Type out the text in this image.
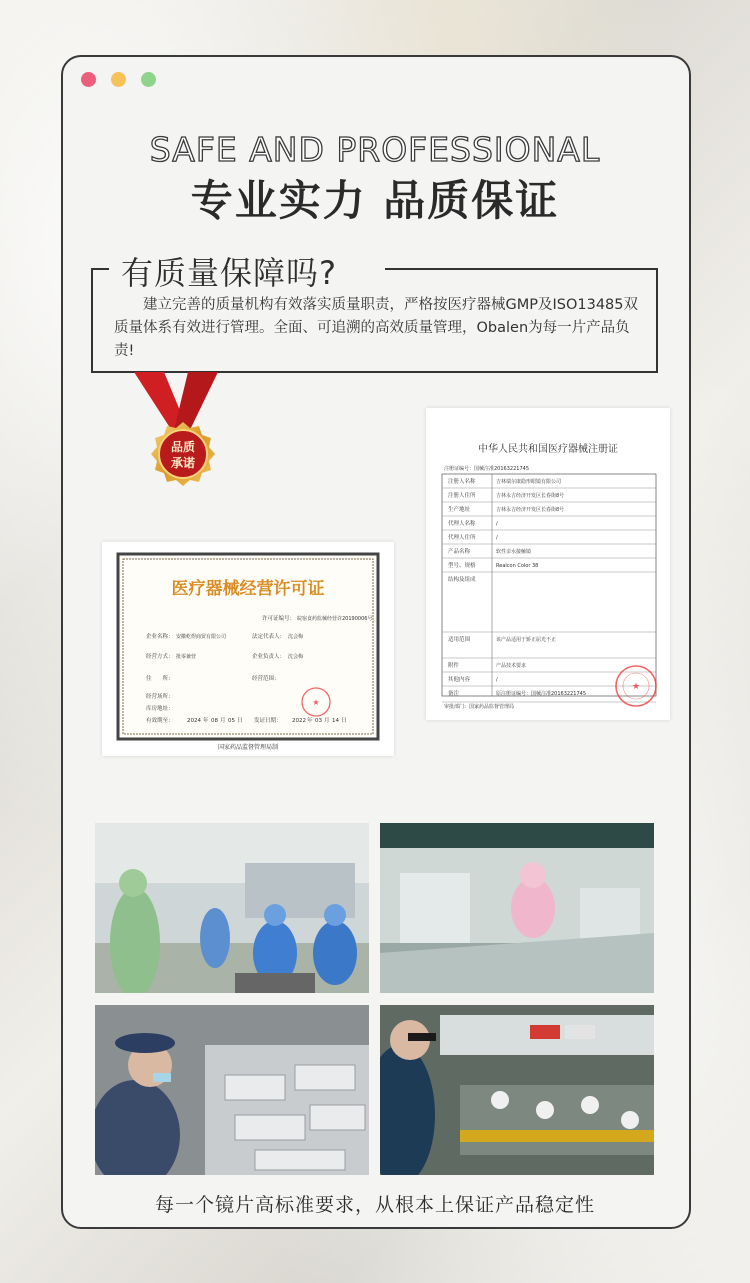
SAFE AND PROFESSIONAL
专业实力 品质保证
有质量保障吗?
建立完善的质量机构有效落实质量职责，严格按医疗器械GMP及ISO13485双质量体系有效进行管理。全面、可追溯的高效质量管理，Obalen为每一片产品负责!
品质
承诺
中华人民共和国医疗器械注册证
注册证编号：国械注准20163221745
注册人名称	吉林瑞尔康隐形眼镜有限公司
注册人住所	吉林永吉经济开发区长春街8号
生产地址	吉林永吉经济开发区长春街8号
代理人名称	/
代理人住所	/
产品名称	软性亲水接触镜
型号、规格	Realcon Color 38
结构及组成
适用范围	该产品适用于矫正屈光不正
附件	产品技术要求
其他内容	/
备注	原注册证编号：国械注准20163221745
★
审批部门：国家药品监督管理局
医疗器械经营许可证
许可证编号： 皖宿食药监械经营许20190006号
企业名称： 安徽屹煜商贸有限公司
经营方式： 批零兼营
住　　所：
经营场所：
库房地址：
法定代表人： 沈会梅
企业负责人： 沈会梅
经营范围：
有效期至： 2024 年 08 月 05 日 发证日期： 2022 年 03 月 14 日
★
国家药品监督管理局制
每一个镜片高标准要求，从根本上保证产品稳定性
